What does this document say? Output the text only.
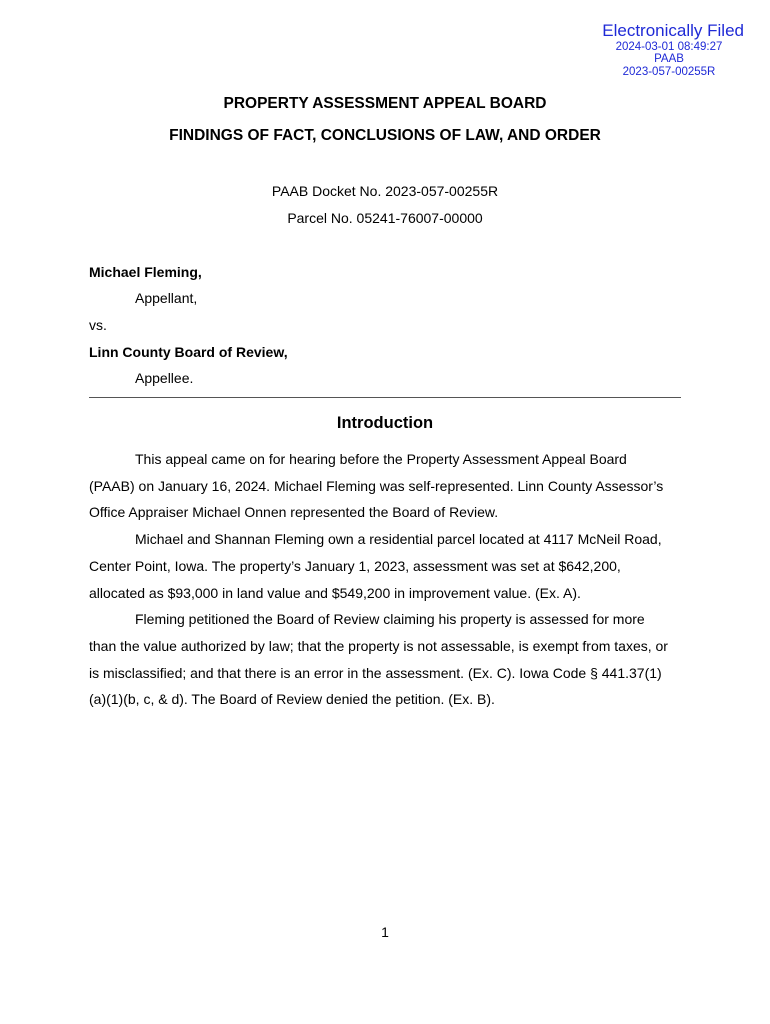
Electronically Filed
2024-03-01 08:49:27
PAAB
2023-057-00255R
PROPERTY ASSESSMENT APPEAL BOARD
FINDINGS OF FACT, CONCLUSIONS OF LAW, AND ORDER
PAAB Docket No. 2023-057-00255R
Parcel No. 05241-76007-00000
Michael Fleming,
Appellant,
vs.
Linn County Board of Review,
Appellee.
Introduction

This appeal came on for hearing before the Property Assessment Appeal Board (PAAB) on January 16, 2024. Michael Fleming was self-represented. Linn County Assessor’s Office Appraiser Michael Onnen represented the Board of Review.

Michael and Shannan Fleming own a residential parcel located at 4117 McNeil Road, Center Point, Iowa. The property’s January 1, 2023, assessment was set at $642,200, allocated as $93,000 in land value and $549,200 in improvement value. (Ex. A).

Fleming petitioned the Board of Review claiming his property is assessed for more than the value authorized by law; that the property is not assessable, is exempt from taxes, or is misclassified; and that there is an error in the assessment. (Ex. C). Iowa Code § 441.37(1)(a)(1)(b, c, & d). The Board of Review denied the petition. (Ex. B).

1
